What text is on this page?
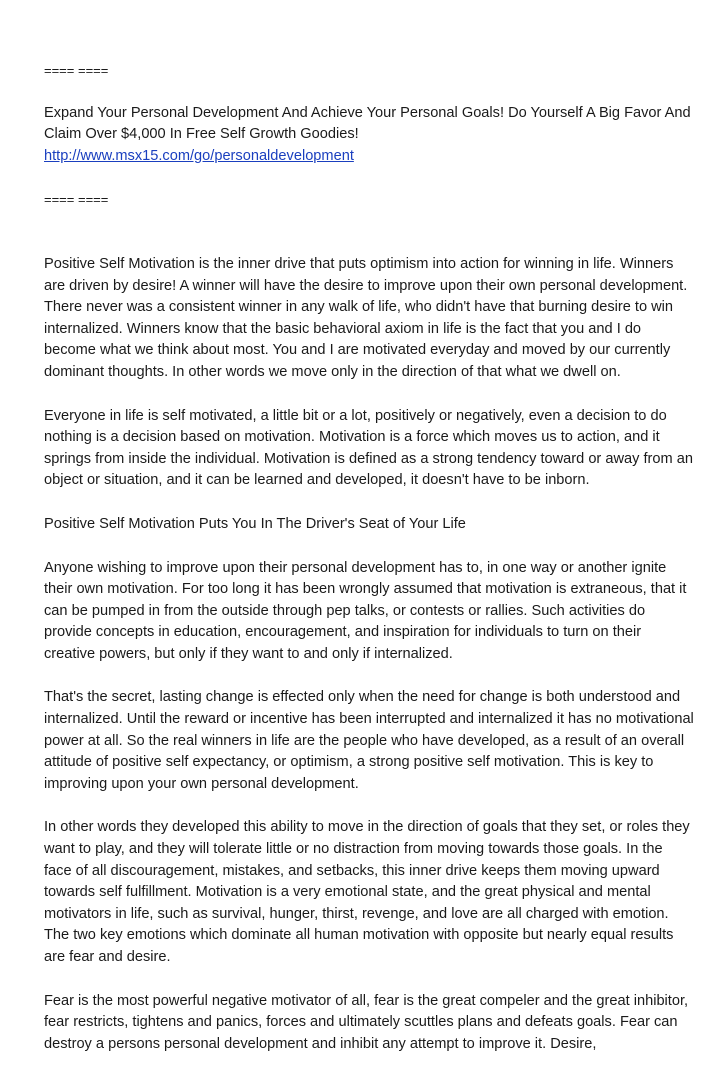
==== ====

Expand Your Personal Development And Achieve Your Personal Goals! Do Yourself A Big Favor And Claim Over $4,000 In Free Self Growth Goodies!
http://www.msx15.com/go/personaldevelopment

==== ====

Positive Self Motivation is the inner drive that puts optimism into action for winning in life. Winners are driven by desire! A winner will have the desire to improve upon their own personal development. There never was a consistent winner in any walk of life, who didn't have that burning desire to win internalized. Winners know that the basic behavioral axiom in life is the fact that you and I do become what we think about most. You and I are motivated everyday and moved by our currently dominant thoughts. In other words we move only in the direction of that what we dwell on.

Everyone in life is self motivated, a little bit or a lot, positively or negatively, even a decision to do nothing is a decision based on motivation. Motivation is a force which moves us to action, and it springs from inside the individual. Motivation is defined as a strong tendency toward or away from an object or situation, and it can be learned and developed, it doesn't have to be inborn.

Positive Self Motivation Puts You In The Driver's Seat of Your Life

Anyone wishing to improve upon their personal development has to, in one way or another ignite their own motivation. For too long it has been wrongly assumed that motivation is extraneous, that it can be pumped in from the outside through pep talks, or contests or rallies. Such activities do provide concepts in education, encouragement, and inspiration for individuals to turn on their creative powers, but only if they want to and only if internalized.

That's the secret, lasting change is effected only when the need for change is both understood and internalized. Until the reward or incentive has been interrupted and internalized it has no motivational power at all. So the real winners in life are the people who have developed, as a result of an overall attitude of positive self expectancy, or optimism, a strong positive self motivation. This is key to improving upon your own personal development.

In other words they developed this ability to move in the direction of goals that they set, or roles they want to play, and they will tolerate little or no distraction from moving towards those goals. In the face of all discouragement, mistakes, and setbacks, this inner drive keeps them moving upward towards self fulfillment. Motivation is a very emotional state, and the great physical and mental motivators in life, such as survival, hunger, thirst, revenge, and love are all charged with emotion. The two key emotions which dominate all human motivation with opposite but nearly equal results are fear and desire.

Fear is the most powerful negative motivator of all, fear is the great compeler and the great inhibitor, fear restricts, tightens and panics, forces and ultimately scuttles plans and defeats goals. Fear can destroy a persons personal development and inhibit any attempt to improve it. Desire,
